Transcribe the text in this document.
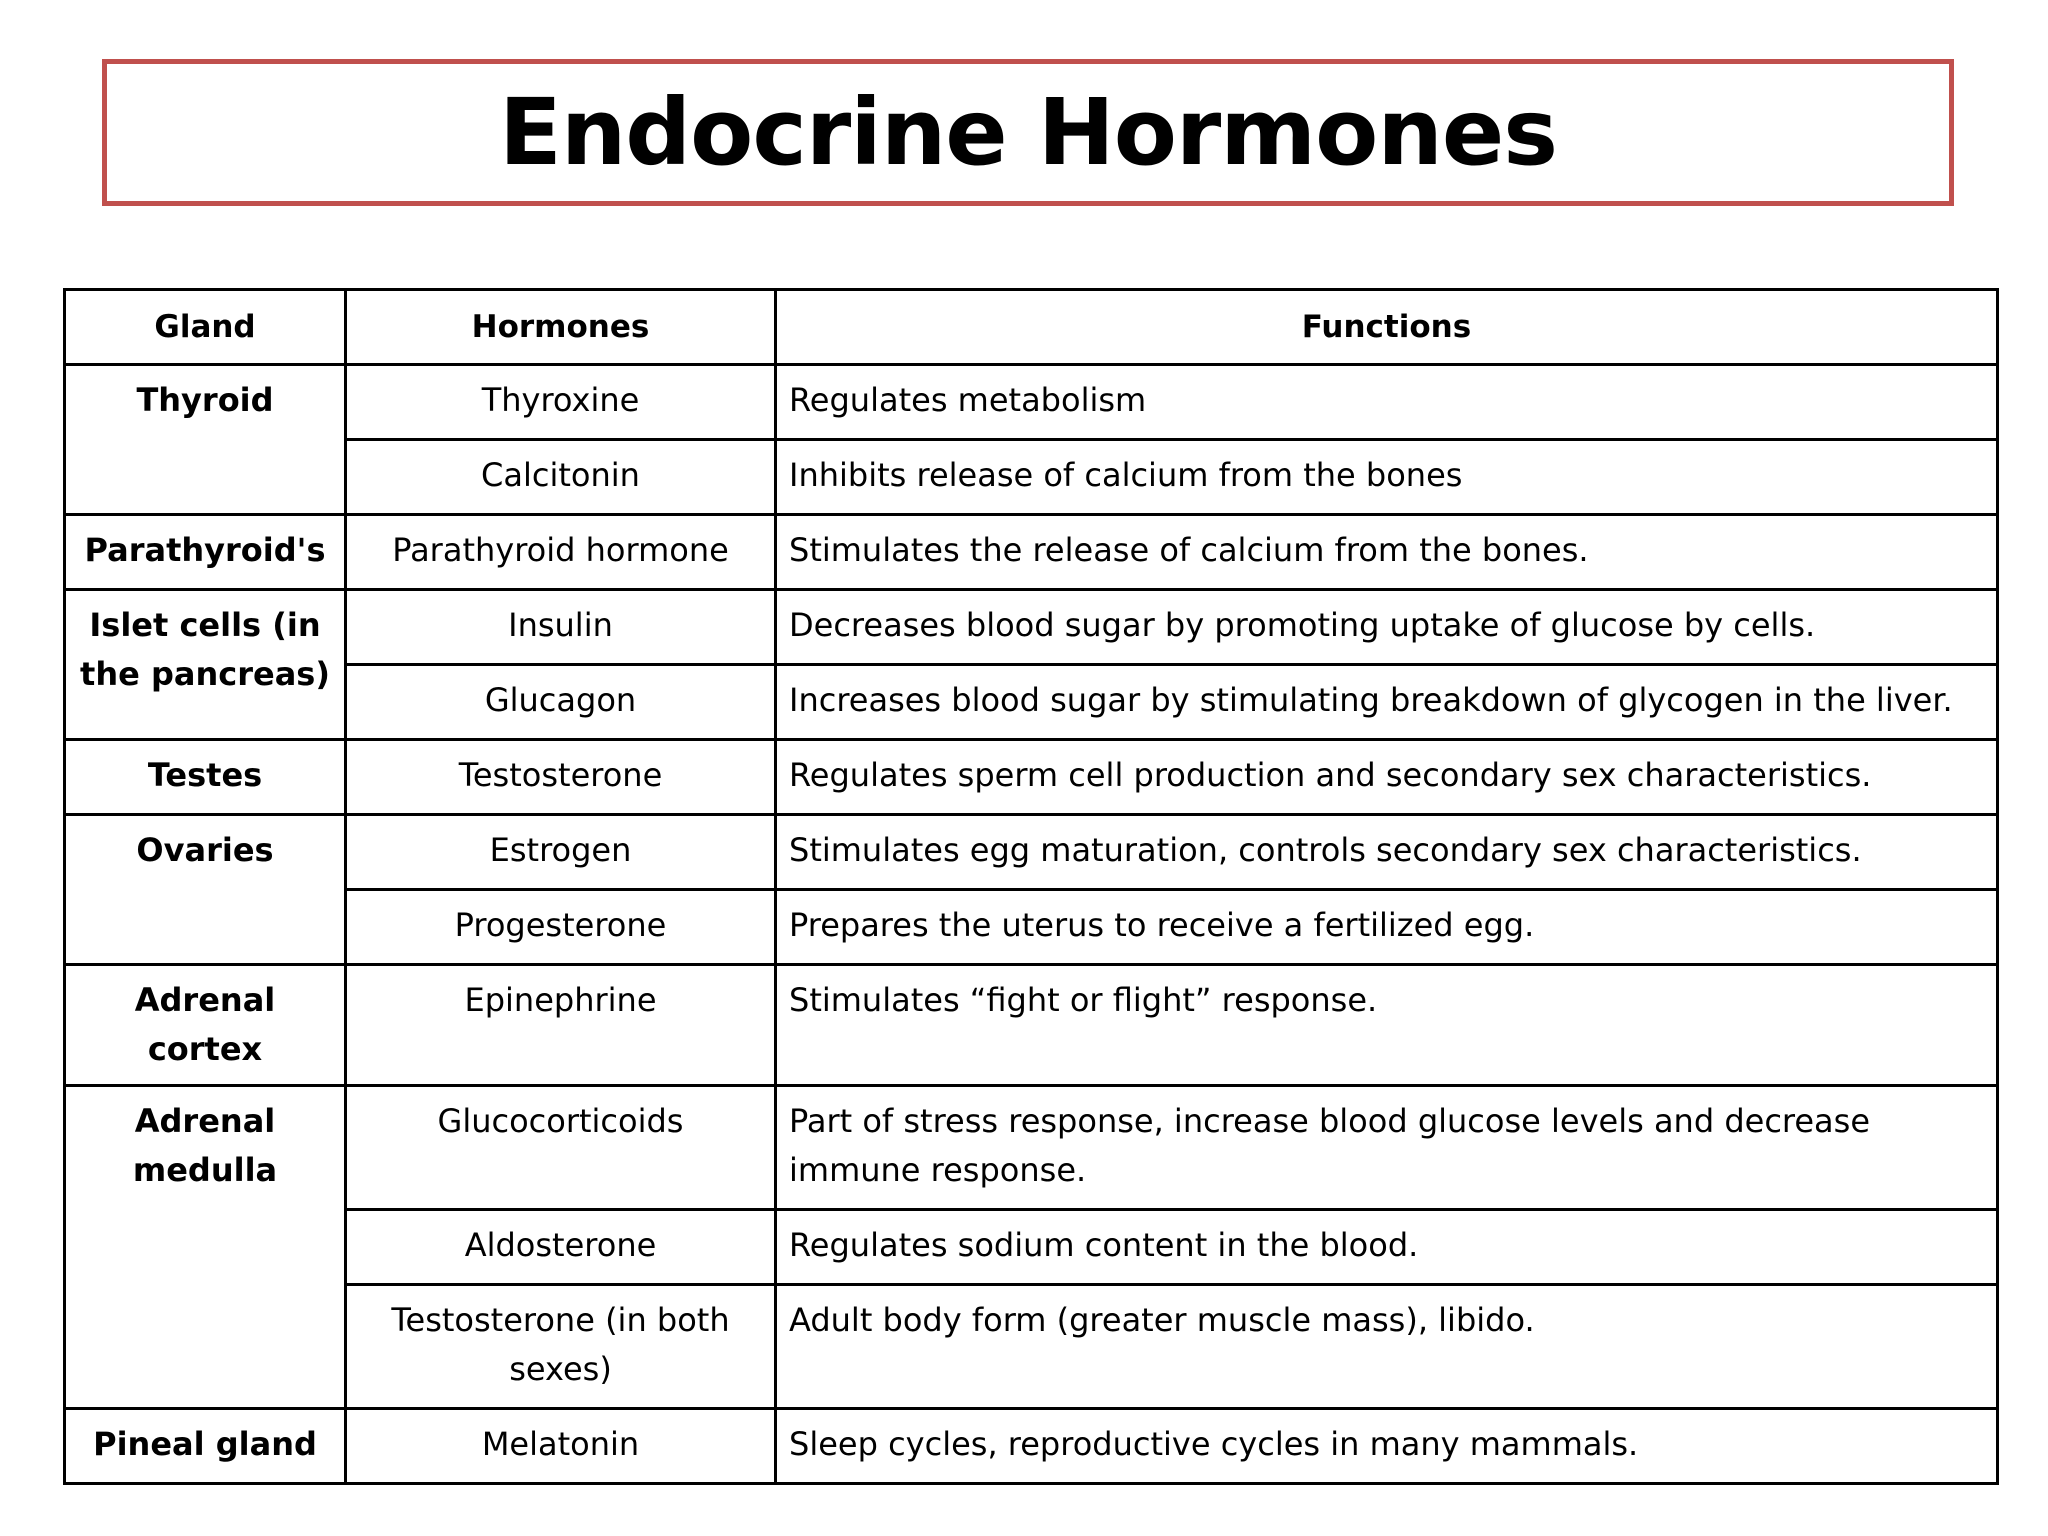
Endocrine Hormones
Gland	Hormones	Functions
Thyroid	Thyroxine	Regulates metabolism
	Calcitonin	Inhibits release of calcium from the bones
Parathyroid's	Parathyroid hormone	Stimulates the release of calcium from the bones.
Islet cells (in the pancreas)	Insulin	Decreases blood sugar by promoting uptake of glucose by cells.
	Glucagon	Increases blood sugar by stimulating breakdown of glycogen in the liver.
Testes	Testosterone	Regulates sperm cell production and secondary sex characteristics.
Ovaries	Estrogen	Stimulates egg maturation, controls secondary sex characteristics.
	Progesterone	Prepares the uterus to receive a fertilized egg.
Adrenal cortex	Epinephrine	Stimulates “fight or flight” response.
Adrenal medulla	Glucocorticoids	Part of stress response, increase blood glucose levels and decrease immune response.
	Aldosterone	Regulates sodium content in the blood.
	Testosterone (in both sexes)	Adult body form (greater muscle mass), libido.
Pineal gland	Melatonin	Sleep cycles, reproductive cycles in many mammals.
